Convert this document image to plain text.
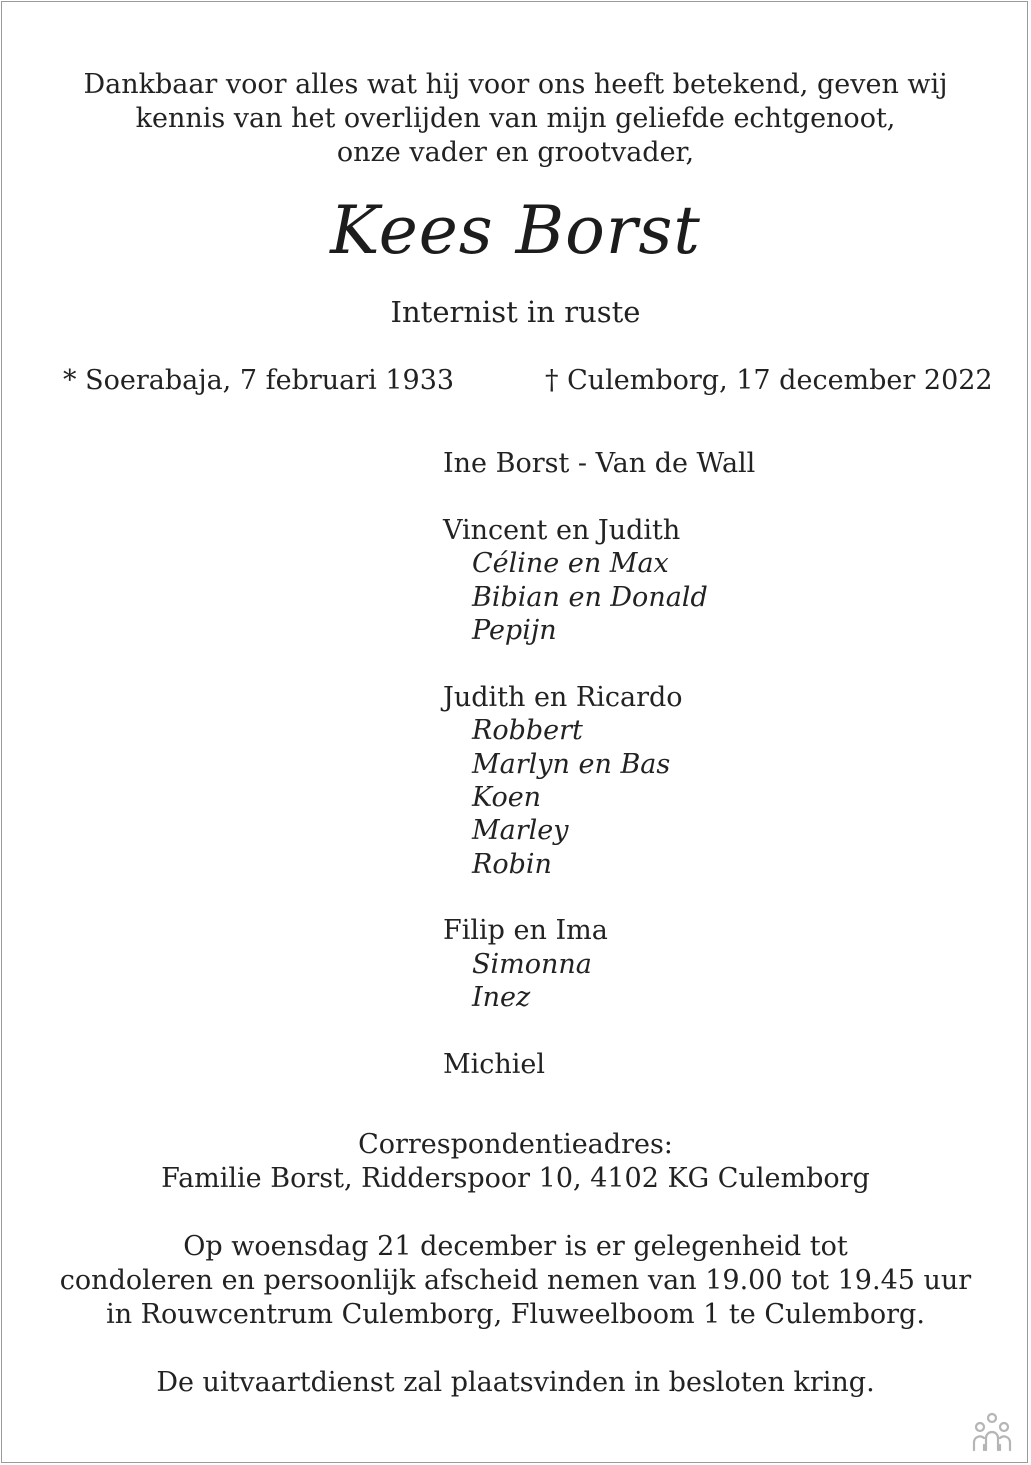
Dankbaar voor alles wat hij voor ons heeft betekend, geven wij
kennis van het overlijden van mijn geliefde echtgenoot,
onze vader en grootvader,
Kees Borst
Internist in ruste
* Soerabaja, 7 februari 1933	† Culemborg, 17 december 2022
Ine Borst - Van de Wall
Vincent en Judith
Céline en Max
Bibian en Donald
Pepijn
Judith en Ricardo
Robbert
Marlyn en Bas
Koen
Marley
Robin
Filip en Ima
Simonna
Inez
Michiel
Correspondentieadres:
Familie Borst, Ridderspoor 10, 4102 KG Culemborg
Op woensdag 21 december is er gelegenheid tot
condoleren en persoonlijk afscheid nemen van 19.00 tot 19.45 uur
in Rouwcentrum Culemborg, Fluweelboom 1 te Culemborg.
De uitvaartdienst zal plaatsvinden in besloten kring.
